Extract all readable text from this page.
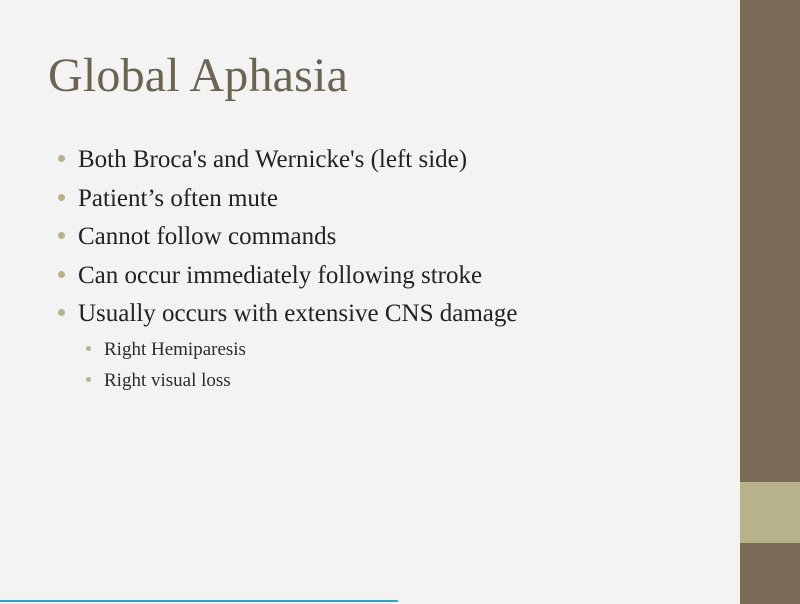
Global Aphasia
Both Broca's and Wernicke's (left side)
Patient’s often mute
Cannot follow commands
Can occur immediately following stroke
Usually occurs with extensive CNS damage
Right Hemiparesis
Right visual loss
